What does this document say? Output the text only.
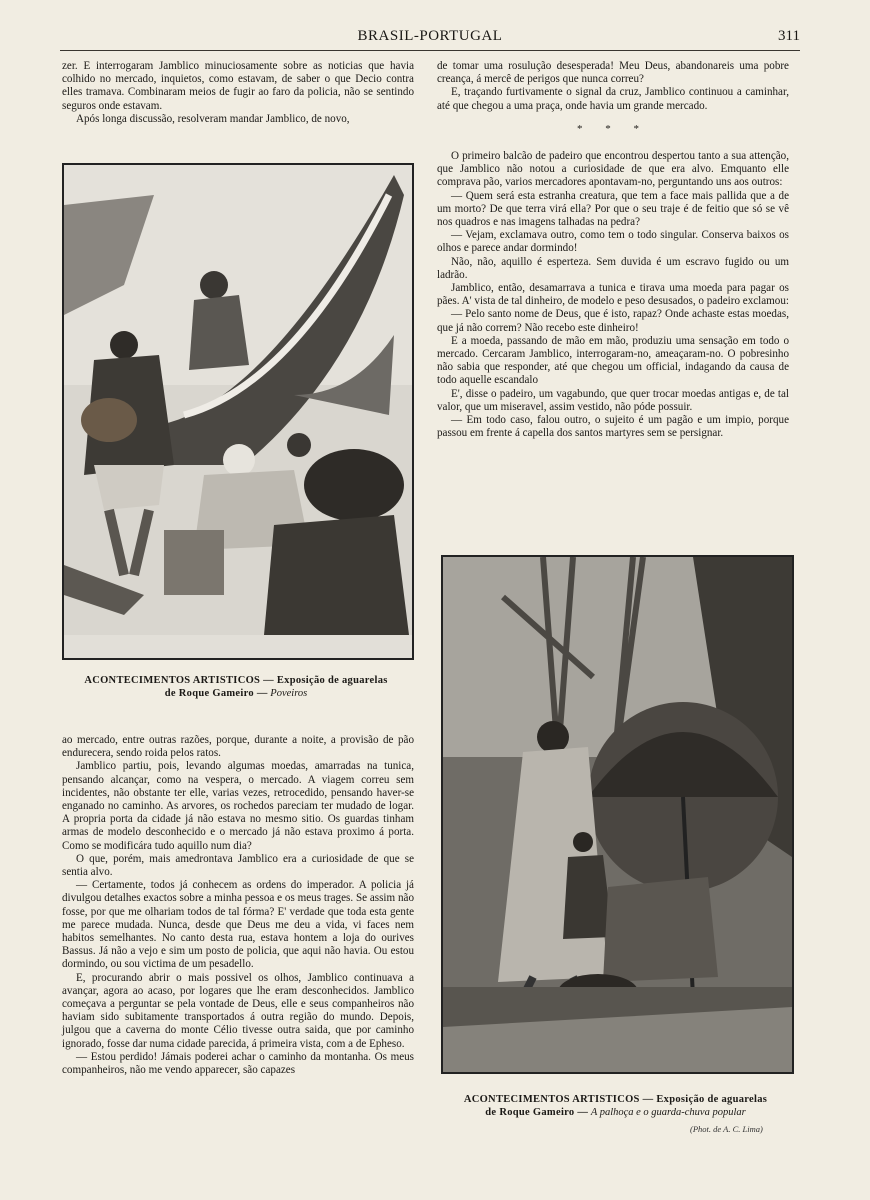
BRASIL-PORTUGAL	311

zer. E interrogaram Jamblico minuciosamente sobre as noticias que havia colhido no mercado, inquietos, como estavam, de saber o que Decio contra elles tramava. Combinaram meios de fugir ao faro da policia, não se sentindo seguros onde estavam.

Após longa discussão, resolveram mandar Jamblico, de novo,

de tomar uma rosulução desesperada! Meu Deus, abandonareis uma pobre creança, á mercê de perigos que nunca correu?

E, traçando furtivamente o signal da cruz, Jamblico continuou a caminhar, até que chegou a uma praça, onde havia um grande mercado.

* * *

O primeiro balcão de padeiro que encontrou despertou tanto a sua attenção, que Jamblico não notou a curiosidade de que era alvo. Emquanto elle comprava pão, varios mercadores apontavam-no, perguntando uns aos outros:

— Quem será esta estranha creatura, que tem a face mais pallida que a de um morto? De que terra virá ella? Por que o seu traje é de feitio que só se vê nos quadros e nas imagens talhadas na pedra?

— Vejam, exclamava outro, como tem o todo singular. Conserva baixos os olhos e parece andar dormindo!

Não, não, aquillo é esperteza. Sem duvida é um escravo fugido ou um ladrão.

Jamblico, então, desamarrava a tunica e tirava uma moeda para pagar os pães. A' vista de tal dinheiro, de modelo e peso desusados, o padeiro exclamou:

— Pelo santo nome de Deus, que é isto, rapaz? Onde achaste estas moedas, que já não correm? Não recebo este dinheiro!

E a moeda, passando de mão em mão, produziu uma sensação em todo o mercado. Cercaram Jamblico, interrogaram-no, ameaçaram-no. O pobresinho não sabia que responder, até que chegou um official, indagando da causa de todo aquelle escandalo

E', disse o padeiro, um vagabundo, que quer trocar moedas antigas e, de tal valor, que um miseravel, assim vestido, não póde possuir.

— Em todo caso, falou outro, o sujeito é um pagão e um impio, porque passou em frente á capella dos santos martyres sem se persignar.

ACONTECIMENTOS ARTISTICOS — Exposição de aguarelas
de Roque Gameiro — Poveiros

ao mercado, entre outras razões, porque, durante a noite, a provisão de pão endurecera, sendo roida pelos ratos.

Jamblico partiu, pois, levando algumas moedas, amarradas na tunica, pensando alcançar, como na vespera, o mercado. A viagem correu sem incidentes, não obstante ter elle, varias vezes, retrocedido, pensando haver-se enganado no caminho. As arvores, os rochedos pareciam ter mudado de logar. A propria porta da cidade já não estava no mesmo sitio. Os guardas tinham armas de modelo desconhecido e o mercado já não estava proximo á porta. Como se modificára tudo aquillo num dia?

O que, porém, mais amedrontava Jamblico era a curiosidade de que se sentia alvo.

— Certamente, todos já conhecem as ordens do imperador. A policia já divulgou detalhes exactos sobre a minha pessoa e os meus trages. Se assim não fosse, por que me olhariam todos de tal fórma? E' verdade que toda esta gente me parece mudada. Nunca, desde que Deus me deu a vida, vi faces nem habitos semelhantes. No canto desta rua, estava hontem a loja do ourives Bassus. Já não a vejo e sim um posto de policia, que aqui não havia. Ou estou dormindo, ou sou victima de um pesadello.

E, procurando abrir o mais possivel os olhos, Jamblico continuava a avançar, agora ao acaso, por logares que lhe eram desconhecidos. Jamblico começava a perguntar se pela vontade de Deus, elle e seus companheiros não haviam sido subitamente transportados á outra região do mundo. Depois, julgou que a caverna do monte Célio tivesse outra saida, que por caminho ignorado, fosse dar numa cidade parecida, á primeira vista, com a de Epheso.

— Estou perdido! Jámais poderei achar o caminho da montanha. Os meus companheiros, não me vendo apparecer, são capazes

ACONTECIMENTOS ARTISTICOS — Exposição de aguarelas
de Roque Gameiro — A palhoça e o guarda-chuva popular
(Phot. de A. C. Lima)
